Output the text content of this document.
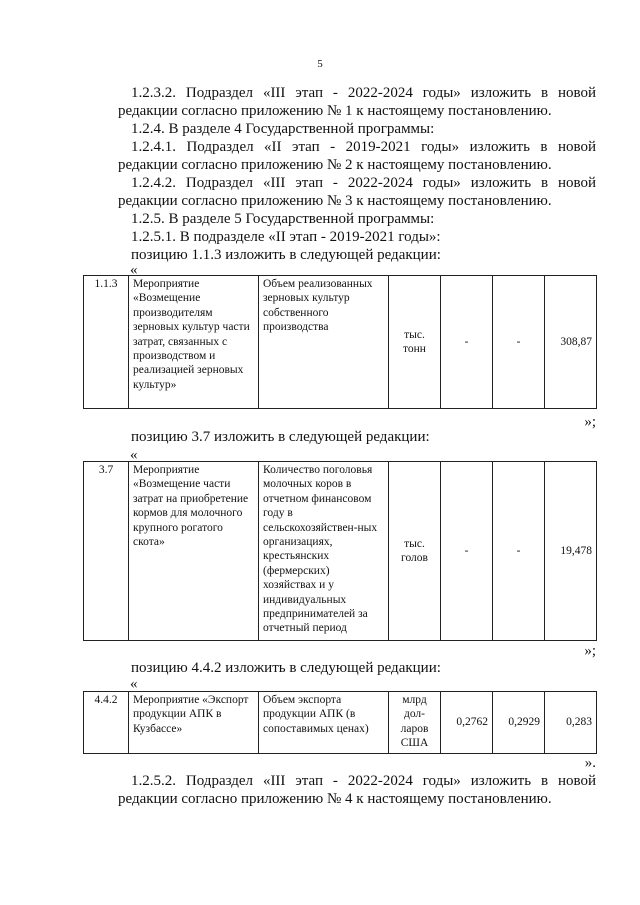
5
1.2.3.2. Подраздел «III этап - 2022-2024 годы» изложить в новой
редакции согласно приложению № 1 к настоящему постановлению.
1.2.4. В разделе 4 Государственной программы:
1.2.4.1. Подраздел «II этап - 2019-2021 годы» изложить в новой
редакции согласно приложению № 2 к настоящему постановлению.
1.2.4.2. Подраздел «III этап - 2022-2024 годы» изложить в новой
редакции согласно приложению № 3 к настоящему постановлению.
1.2.5. В разделе 5 Государственной программы:
1.2.5.1. В подразделе «II этап - 2019-2021 годы»:
позицию 1.1.3 изложить в следующей редакции:
«
1.1.3	Мероприятие «Возмещение производителям зерновых культур части затрат, связанных с производством и реализацией зерновых культур»	Объем реализованных зерновых культур собственного производства	тыс. тонн	-	-	308,87
»;
позицию 3.7 изложить в следующей редакции:
«
3.7	Мероприятие «Возмещение части затрат на приобретение кормов для молочного крупного рогатого скота»	Количество поголовья молочных коров в отчетном финансовом году в сельскохозяйствен-ных организациях, крестьянских (фермерских) хозяйствах и у индивидуальных предпринимателей за отчетный период	тыс. голов	-	-	19,478
»;
позицию 4.4.2 изложить в следующей редакции:
«
4.4.2	Мероприятие «Экспорт продукции АПК в Кузбассе»	Объем экспорта продукции АПК (в сопоставимых ценах)	млрд дол-ларов США	0,2762	0,2929	0,283
».
1.2.5.2. Подраздел «III этап - 2022-2024 годы» изложить в новой
редакции согласно приложению № 4 к настоящему постановлению.
